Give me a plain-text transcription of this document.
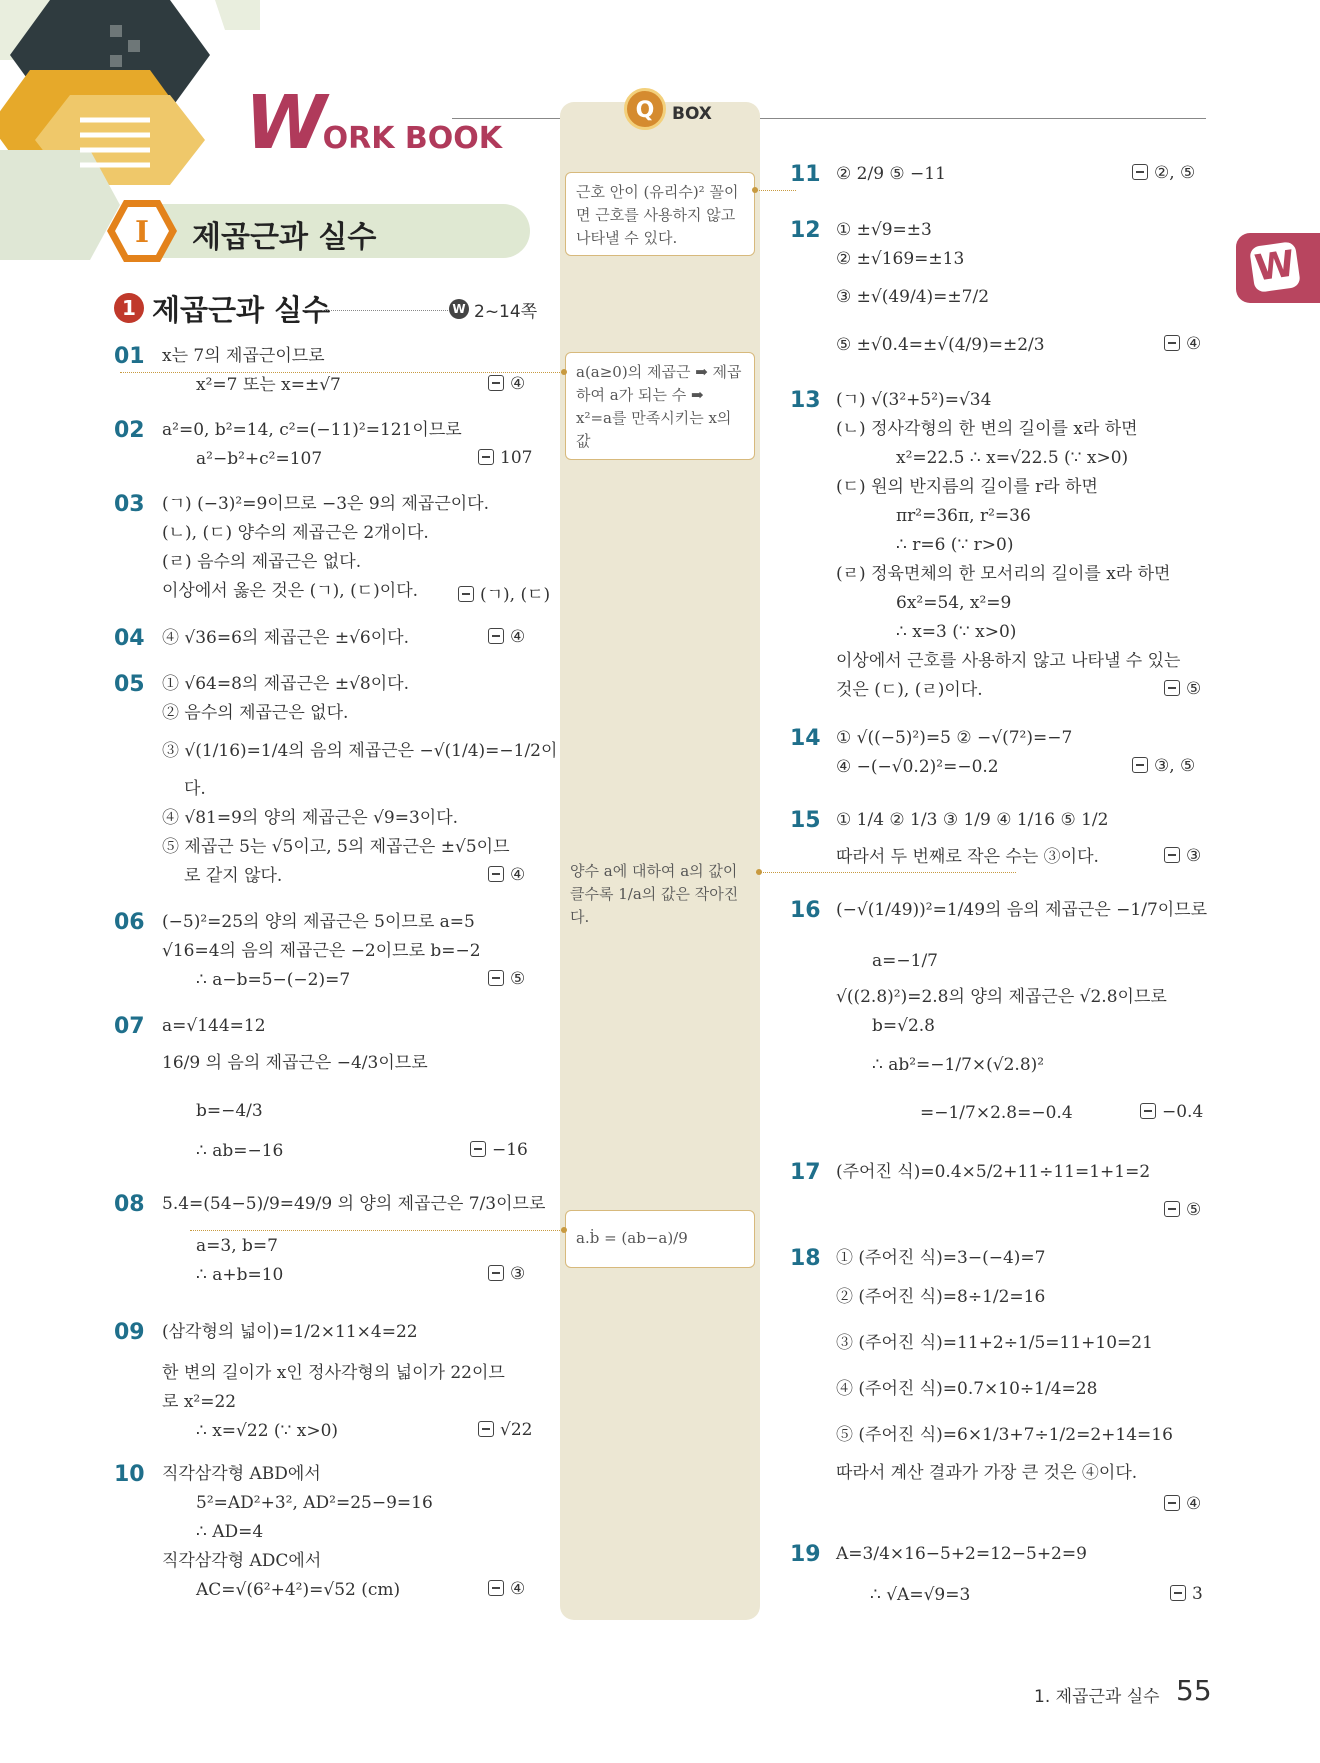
WORK BOOK
Q	BOX
근호 안이 (유리수)² 꼴이 면 근호를 사용하지 않고 나타낼 수 있다.
a(a≥0)의 제곱근 ➡ 제곱하여 a가 되는 수 ➡ x²=a를 만족시키는 x의 값
양수 a에 대하여 a의 값이 클수록 1/a의 값은 작아진다.
a.ḃ = (ab−a)/9
I 제곱근과 실수
1 제곱근과 실수	W 2~14쪽
W
01 x는 7의 제곱근이므로
x²=7 또는 x=±√7	④
02 a²=0, b²=14, c²=(−11)²=121이므로
a²−b²+c²=107	107
03 (ㄱ) (−3)²=9이므로 −3은 9의 제곱근이다.
(ㄴ), (ㄷ) 양수의 제곱근은 2개이다.
(ㄹ) 음수의 제곱근은 없다.
이상에서 옳은 것은 (ㄱ), (ㄷ)이다.	(ㄱ), (ㄷ)
04 ④ √36=6의 제곱근은 ±√6이다.	④
05 ① √64=8의 제곱근은 ±√8이다.
② 음수의 제곱근은 없다.
③ √(1/16)=1/4의 음의 제곱근은 −√(1/4)=−1/2이
다.
④ √81=9의 양의 제곱근은 √9=3이다.
⑤ 제곱근 5는 √5이고, 5의 제곱근은 ±√5이므
로 같지 않다.	④
06 (−5)²=25의 양의 제곱근은 5이므로 a=5
√16=4의 음의 제곱근은 −2이므로 b=−2
∴ a−b=5−(−2)=7	⑤
07 a=√144=12
16/9 의 음의 제곱근은 −4/3이므로
b=−4/3
∴ ab=−16	−16
08 5.4̇=(54−5)/9=49/9 의 양의 제곱근은 7/3이므로
a=3, b=7
∴ a+b=10	③
09 (삼각형의 넓이)=1/2×11×4=22
한 변의 길이가 x인 정사각형의 넓이가 22이므
로 x²=22
∴ x=√22 (∵ x>0)	√22
10 직각삼각형 ABD에서
5²=AD²+3², AD²=25−9=16
∴ AD=4
직각삼각형 ADC에서
AC=√(6²+4²)=√52 (cm)	④
11 ② 2/9 ⑤ −11	②, ⑤
12 ① ±√9=±3
② ±√169=±13
③ ±√(49/4)=±7/2
⑤ ±√0.4̇=±√(4/9)=±2/3	④
13 (ㄱ) √(3²+5²)=√34
(ㄴ) 정사각형의 한 변의 길이를 x라 하면
x²=22.5 ∴ x=√22.5 (∵ x>0)
(ㄷ) 원의 반지름의 길이를 r라 하면
πr²=36π, r²=36
∴ r=6 (∵ r>0)
(ㄹ) 정육면체의 한 모서리의 길이를 x라 하면
6x²=54, x²=9
∴ x=3 (∵ x>0)
이상에서 근호를 사용하지 않고 나타낼 수 있는
것은 (ㄷ), (ㄹ)이다.	⑤
14 ① √((−5)²)=5 ② −√(7²)=−7
④ −(−√0.2)²=−0.2	③, ⑤
15 ① 1/4 ② 1/3 ③ 1/9 ④ 1/16 ⑤ 1/2
따라서 두 번째로 작은 수는 ③이다.	③
16 (−√(1/49))²=1/49의 음의 제곱근은 −1/7이므로
a=−1/7
√((2.8)²)=2.8의 양의 제곱근은 √2.8이므로
b=√2.8
∴ ab²=−1/7×(√2.8)²
=−1/7×2.8=−0.4	−0.4
17 (주어진 식)=0.4×5/2+11÷11=1+1=2
⑤
18 ① (주어진 식)=3−(−4)=7
② (주어진 식)=8÷1/2=16
③ (주어진 식)=11+2÷1/5=11+10=21
④ (주어진 식)=0.7×10÷1/4=28
⑤ (주어진 식)=6×1/3+7÷1/2=2+14=16
따라서 계산 결과가 가장 큰 것은 ④이다.
④
19 A=3/4×16−5+2=12−5+2=9
∴ √A=√9=3	3
1. 제곱근과 실수 55
